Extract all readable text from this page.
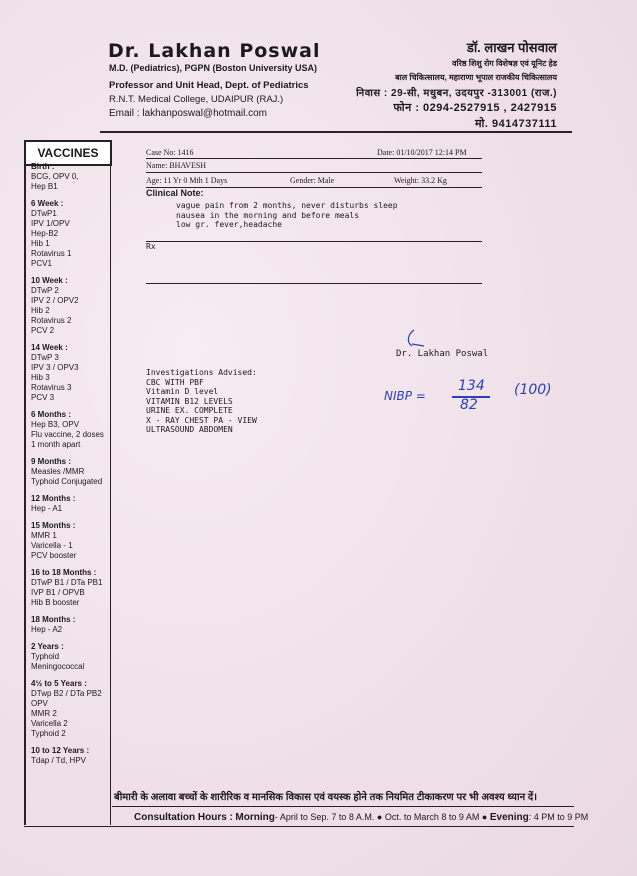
Dr. Lakhan Poswal
M.D. (Pediatrics), PGPN (Boston University USA)
Professor and Unit Head, Dept. of Pediatrics
R.N.T. Medical College, UDAIPUR (RAJ.)
Email : lakhanposwal@hotmail.com
डॉ. लाखन पोसवाल
वरिष्ठ शिशु रोग विशेषज्ञ एवं यूनिट हेड
बाल चिकित्सालय, महाराणा भूपाल राजकीय चिकित्सालय
निवास : 29-सी, मधुबन, उदयपुर -313001 (राज.)
फोन : 0294-2527915 , 2427915
मो. 9414737111
VACCINES
Birth :
BCG, OPV 0,
Hep B1
6 Week :
DTwP1
IPV 1/OPV
Hep-B2
Hib 1
Rotavirus 1
PCV1
10 Week :
DTwP 2
IPV 2 / OPV2
Hib 2
Rotavirus 2
PCV 2
14 Week :
DTwP 3
IPV 3 / OPV3
Hib 3
Rotavirus 3
PCV 3
6 Months :
Hep B3, OPV
Flu vaccine, 2 doses
1 month apart
9 Months :
Measles /MMR
Typhoid Conjugated
12 Months :
Hep - A1
15 Months :
MMR 1
Varicella - 1
PCV booster
16 to 18 Months :
DTwP B1 / DTa PB1
IVP B1 / OPVB
Hib B booster
18 Months :
Hep - A2
2 Years :
Typhoid
Meningococcal
4½ to 5 Years :
DTwp B2 / DTa PB2
OPV
MMR 2
Varicella 2
Typhoid 2
10 to 12 Years :
Tdap / Td, HPV
Case No: 1416	Date: 01/10/2017 12:14 PM
Name: BHAVESH
Age: 11 Yr 0 Mth 1 Days	Gender: Male	Weight: 33.2 Kg
Clinical Note:
vague pain from 2 months, never disturbs sleep
nausea in the morning and before meals
low gr. fever,headache
Rx
Dr. Lakhan Poswal
Investigations Advised:
CBC WITH PBF
Vitamin D level
VITAMIN B12 LEVELS
URINE EX. COMPLETE
X - RAY CHEST PA - VIEW
ULTRASOUND ABDOMEN
NIBP =
134
82
(100)
बीमारी के अलावा बच्चों के शारीरिक व मानसिक विकास एवं वयस्क होने तक नियमित टीकाकरण पर भी अवश्य ध्यान दें।
Consultation Hours : Morning- April to Sep. 7 to 8 A.M. ● Oct. to March 8 to 9 AM ● Evening: 4 PM to 9 PM
